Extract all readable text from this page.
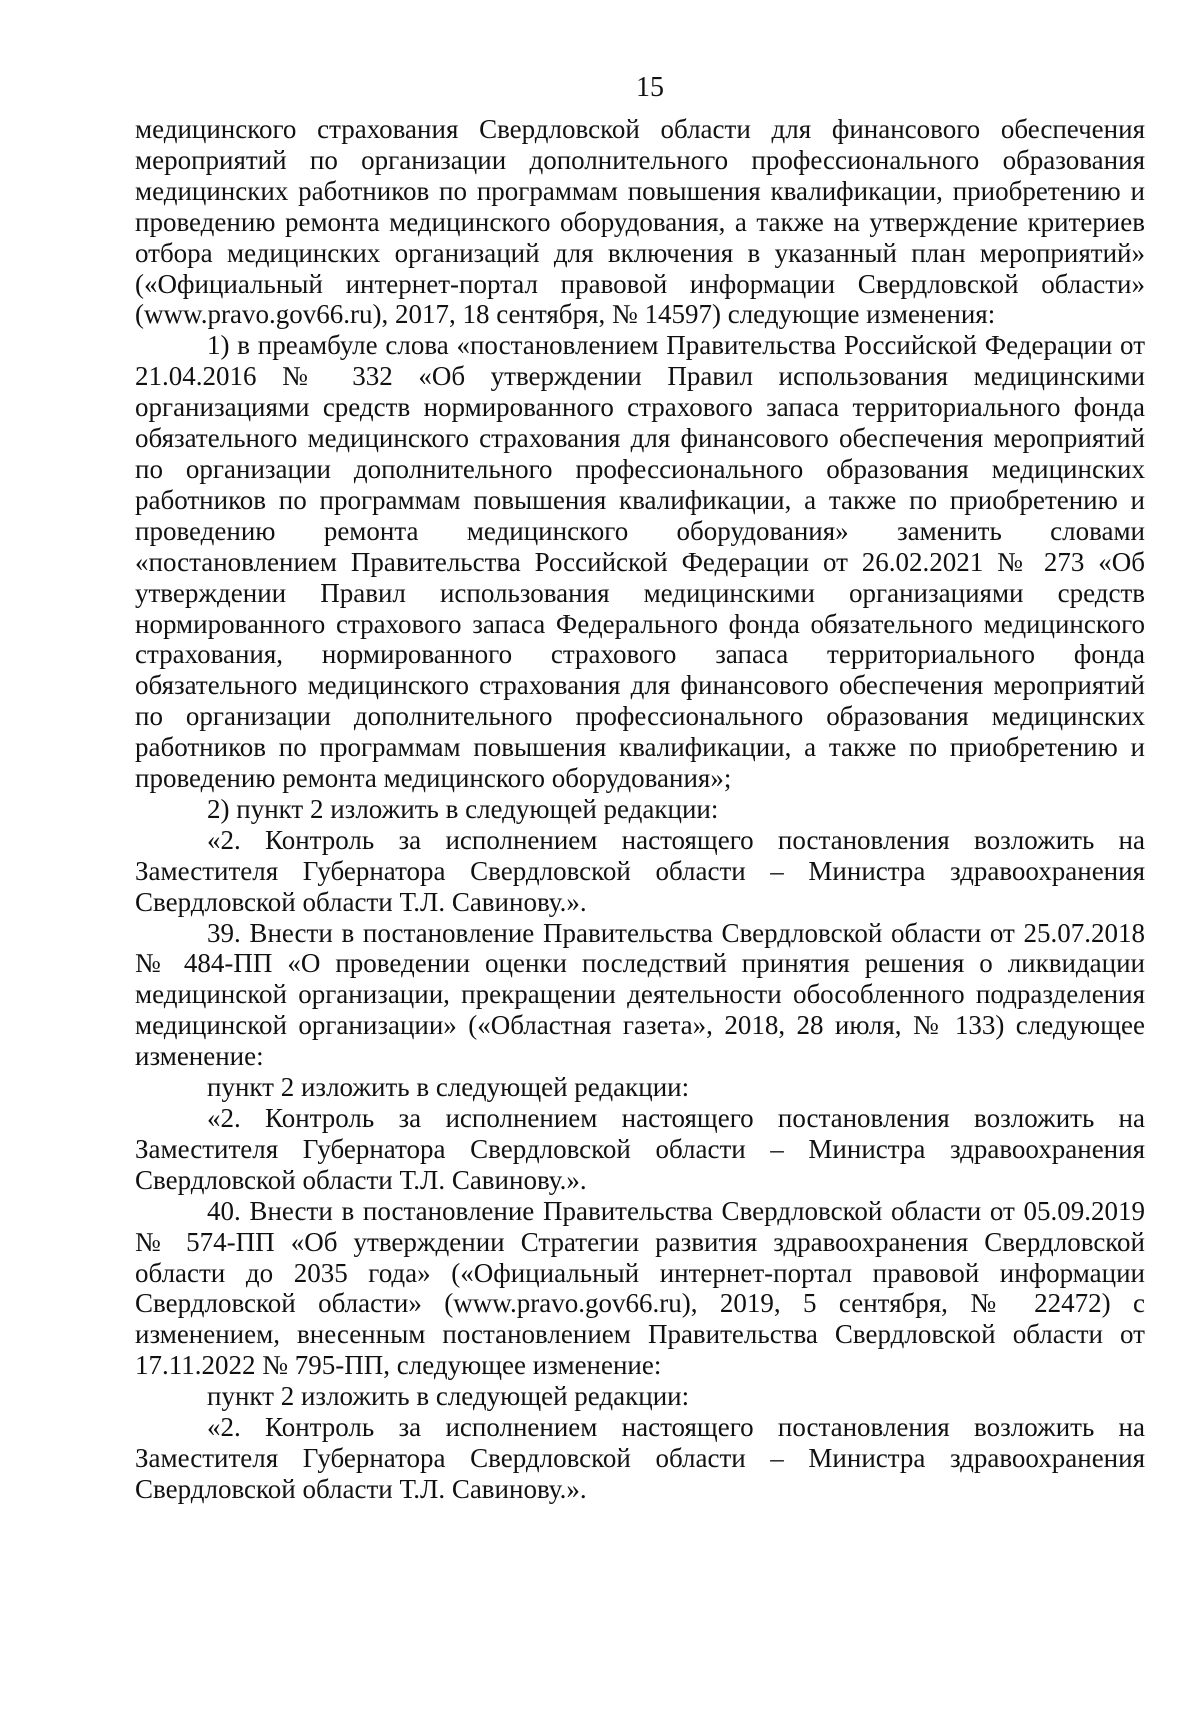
15

медицинского страхования Свердловской области для финансового обеспечения мероприятий по организации дополнительного профессионального образования медицинских работников по программам повышения квалификации, приобретению и проведению ремонта медицинского оборудования, а также на утверждение критериев отбора медицинских организаций для включения в указанный план мероприятий» («Официальный интернет-портал правовой информации Свердловской области» (www.pravo.gov66.ru), 2017, 18 сентября, № 14597) следующие изменения:

1) в преамбуле слова «постановлением Правительства Российской Федерации от 21.04.2016 № 332 «Об утверждении Правил использования медицинскими организациями средств нормированного страхового запаса территориального фонда обязательного медицинского страхования для финансового обеспечения мероприятий по организации дополнительного профессионального образования медицинских работников по программам повышения квалификации, а также по приобретению и проведению ремонта медицинского оборудования» заменить словами «постановлением Правительства Российской Федерации от 26.02.2021 № 273 «Об утверждении Правил использования медицинскими организациями средств нормированного страхового запаса Федерального фонда обязательного медицинского страхования, нормированного страхового запаса территориального фонда обязательного медицинского страхования для финансового обеспечения мероприятий по организации дополнительного профессионального образования медицинских работников по программам повышения квалификации, а также по приобретению и проведению ремонта медицинского оборудования»;

2) пункт 2 изложить в следующей редакции:

«2. Контроль за исполнением настоящего постановления возложить на Заместителя Губернатора Свердловской области – Министра здравоохранения Свердловской области Т.Л. Савинову.».

39. Внести в постановление Правительства Свердловской области от 25.07.2018 № 484-ПП «О проведении оценки последствий принятия решения о ликвидации медицинской организации, прекращении деятельности обособленного подразделения медицинской организации» («Областная газета», 2018, 28 июля, № 133) следующее изменение:

пункт 2 изложить в следующей редакции:

«2. Контроль за исполнением настоящего постановления возложить на Заместителя Губернатора Свердловской области – Министра здравоохранения Свердловской области Т.Л. Савинову.».

40. Внести в постановление Правительства Свердловской области от 05.09.2019 № 574-ПП «Об утверждении Стратегии развития здравоохранения Свердловской области до 2035 года» («Официальный интернет-портал правовой информации Свердловской области» (www.pravo.gov66.ru), 2019, 5 сентября, № 22472) с изменением, внесенным постановлением Правительства Свердловской области от 17.11.2022 № 795-ПП, следующее изменение:

пункт 2 изложить в следующей редакции:

«2. Контроль за исполнением настоящего постановления возложить на Заместителя Губернатора Свердловской области – Министра здравоохранения Свердловской области Т.Л. Савинову.».
